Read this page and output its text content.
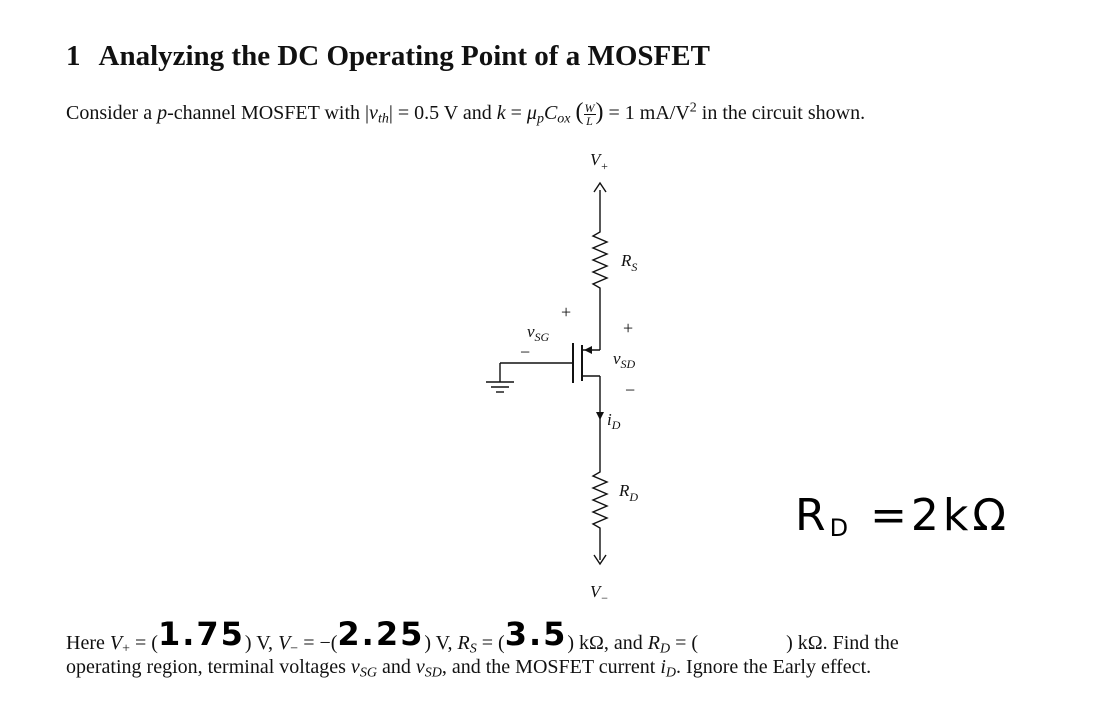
1 Analyzing the DC Operating Point of a MOSFET
Consider a p-channel MOSFET with $|v_{th}| = 0.5$ V and $k = \mu_pC_{ox}$ ( $\frac{W}{L}$ ) = 1 $mA/V^2$ in the circuit shown.
$V_+$
$R_S$
+
$v_{SG}$
−
+
$v_{SD}$
−
$i_D$
$R_D$
$V_-$
$R_D =2k\Omega$
Here $V_+ = (1.75)$ V, $V_- = -(2.25)$ V, $R_S = (3.5)$ kΩ, and $R_D$ = (	) kΩ. Find the
operating region, terminal voltages $v_{SG}$ and $v_{SD}$, and the MOSFET current $i_D$. Ignore the Early effect.
